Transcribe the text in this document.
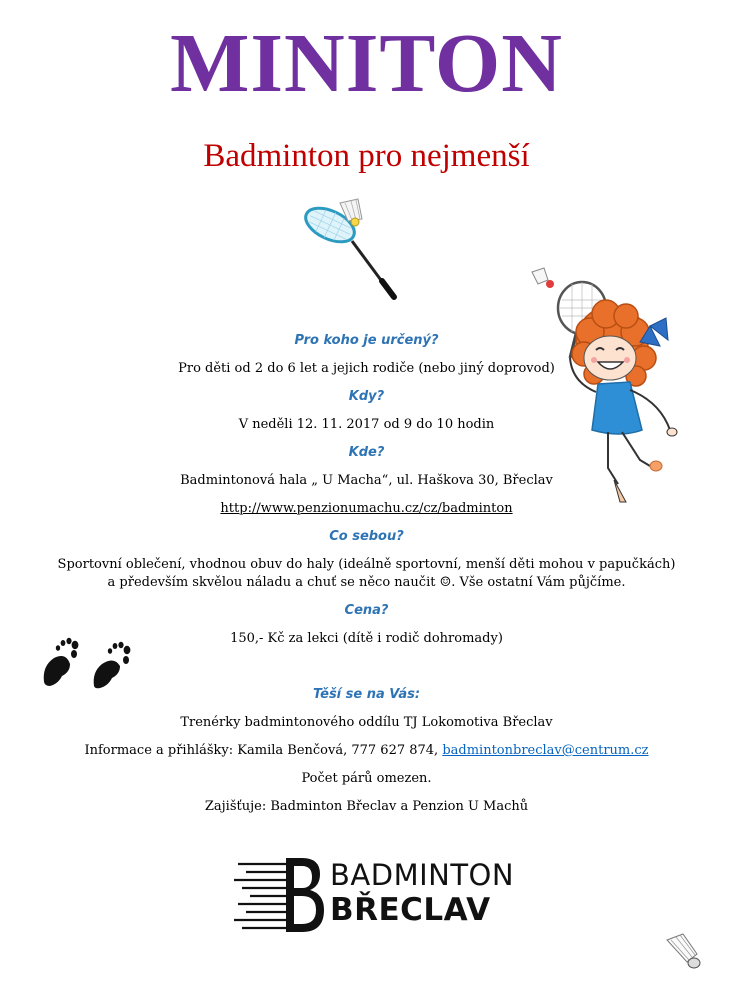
MINITON
Badminton pro nejmenší
Pro koho je určený?
Pro děti od 2 do 6 let a jejich rodiče (nebo jiný doprovod)
Kdy?
V neděli 12. 11. 2017 od 9 do 10 hodin
Kde?
Badmintonová hala „ U Macha“, ul. Haškova 30, Břeclav
http://www.penzionumachu.cz/cz/badminton
Co sebou?
Sportovní oblečení, vhodnou obuv do haly (ideálně sportovní, menší děti mohou v papučkách)
a především skvělou náladu a chuť se něco naučit ☺. Vše ostatní Vám půjčíme.
Cena?
150,- Kč za lekci (dítě i rodič dohromady)
Těší se na Vás:
Trenérky badmintonového oddílu TJ Lokomotiva Břeclav
Informace a přihlášky: Kamila Benčová, 777 627 874, badmintonbreclav@centrum.cz
Počet párů omezen.
Zajišťuje: Badminton Břeclav a Penzion U Machů
BADMINTON
BŘECLAV
